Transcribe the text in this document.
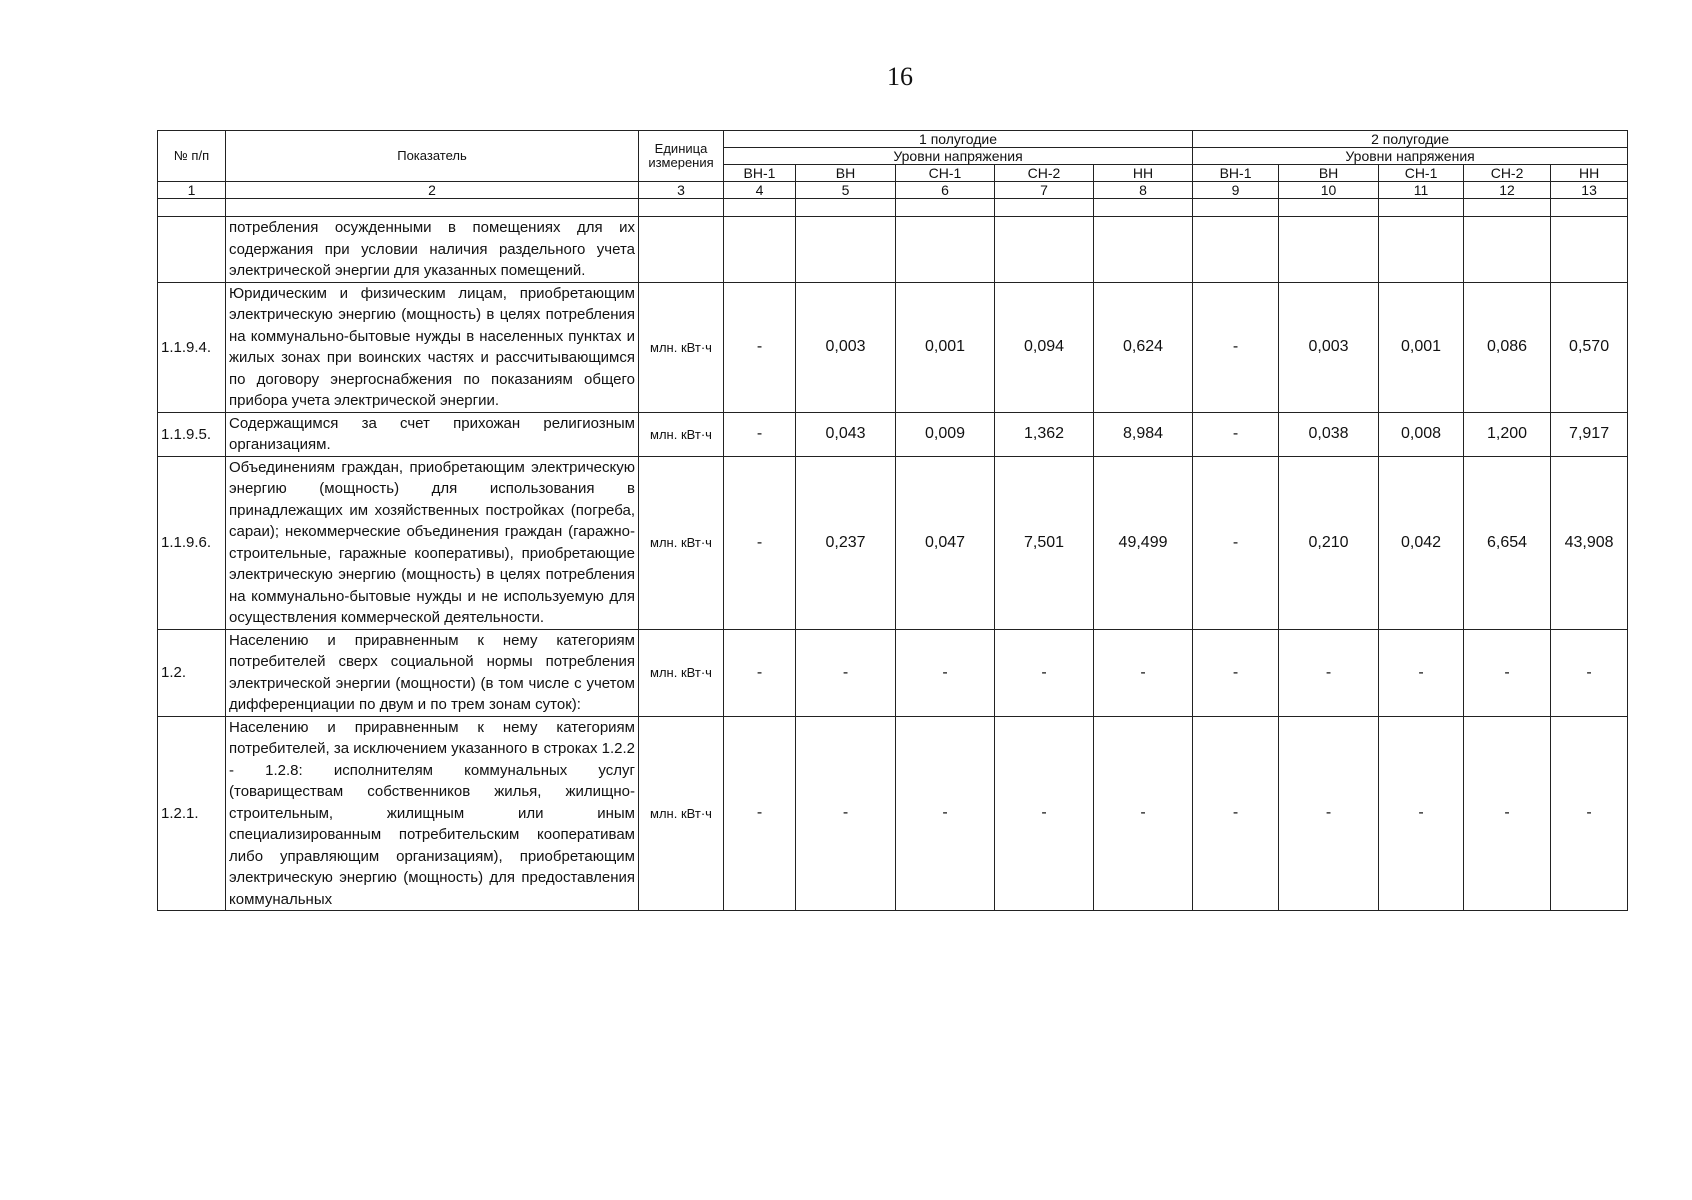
16
№ п/п	Показатель	Единица измерения	1 полугодие					2 полугодие				
			Уровни напряжения					Уровни напряжения				
			ВН-1	ВН	СН-1	СН-2	НН	ВН-1	ВН	СН-1	СН-2	НН
1	2	3	4	5	6	7	8	9	10	11	12	13

	потребления осужденными в помещениях для их содержания при условии наличия раздельного учета электрической энергии для указанных помещений.											
1.1.9.4.	Юридическим и физическим лицам, приобретающим электрическую энергию (мощность) в целях потребления на коммунально-бытовые нужды в населенных пунктах и жилых зонах при воинских частях и рассчитывающимся по договору энергоснабжения по показаниям общего прибора учета электрической энергии.	млн. кВт·ч	-	0,003	0,001	0,094	0,624	-	0,003	0,001	0,086	0,570
1.1.9.5.	Содержащимся за счет прихожан религиозным организациям.	млн. кВт·ч	-	0,043	0,009	1,362	8,984	-	0,038	0,008	1,200	7,917
1.1.9.6.	Объединениям граждан, приобретающим электрическую энергию (мощность) для использования в принадлежащих им хозяйственных постройках (погреба, сараи); некоммерческие объединения граждан (гаражно-строительные, гаражные кооперативы), приобретающие электрическую энергию (мощность) в целях потребления на коммунально-бытовые нужды и не используемую для осуществления коммерческой деятельности.	млн. кВт·ч	-	0,237	0,047	7,501	49,499	-	0,210	0,042	6,654	43,908
1.2.	Населению и приравненным к нему категориям потребителей сверх социальной нормы потребления электрической энергии (мощности) (в том числе с учетом дифференциации по двум и по трем зонам суток):	млн. кВт·ч	-	-	-	-	-	-	-	-	-	-
1.2.1.	Населению и приравненным к нему категориям потребителей, за исключением указанного в строках 1.2.2 - 1.2.8: исполнителям коммунальных услуг (товариществам собственников жилья, жилищно-строительным, жилищным или иным специализированным потребительским кооперативам либо управляющим организациям), приобретающим электрическую энергию (мощность) для предоставления коммунальных	млн. кВт·ч	-	-	-	-	-	-	-	-	-	-
